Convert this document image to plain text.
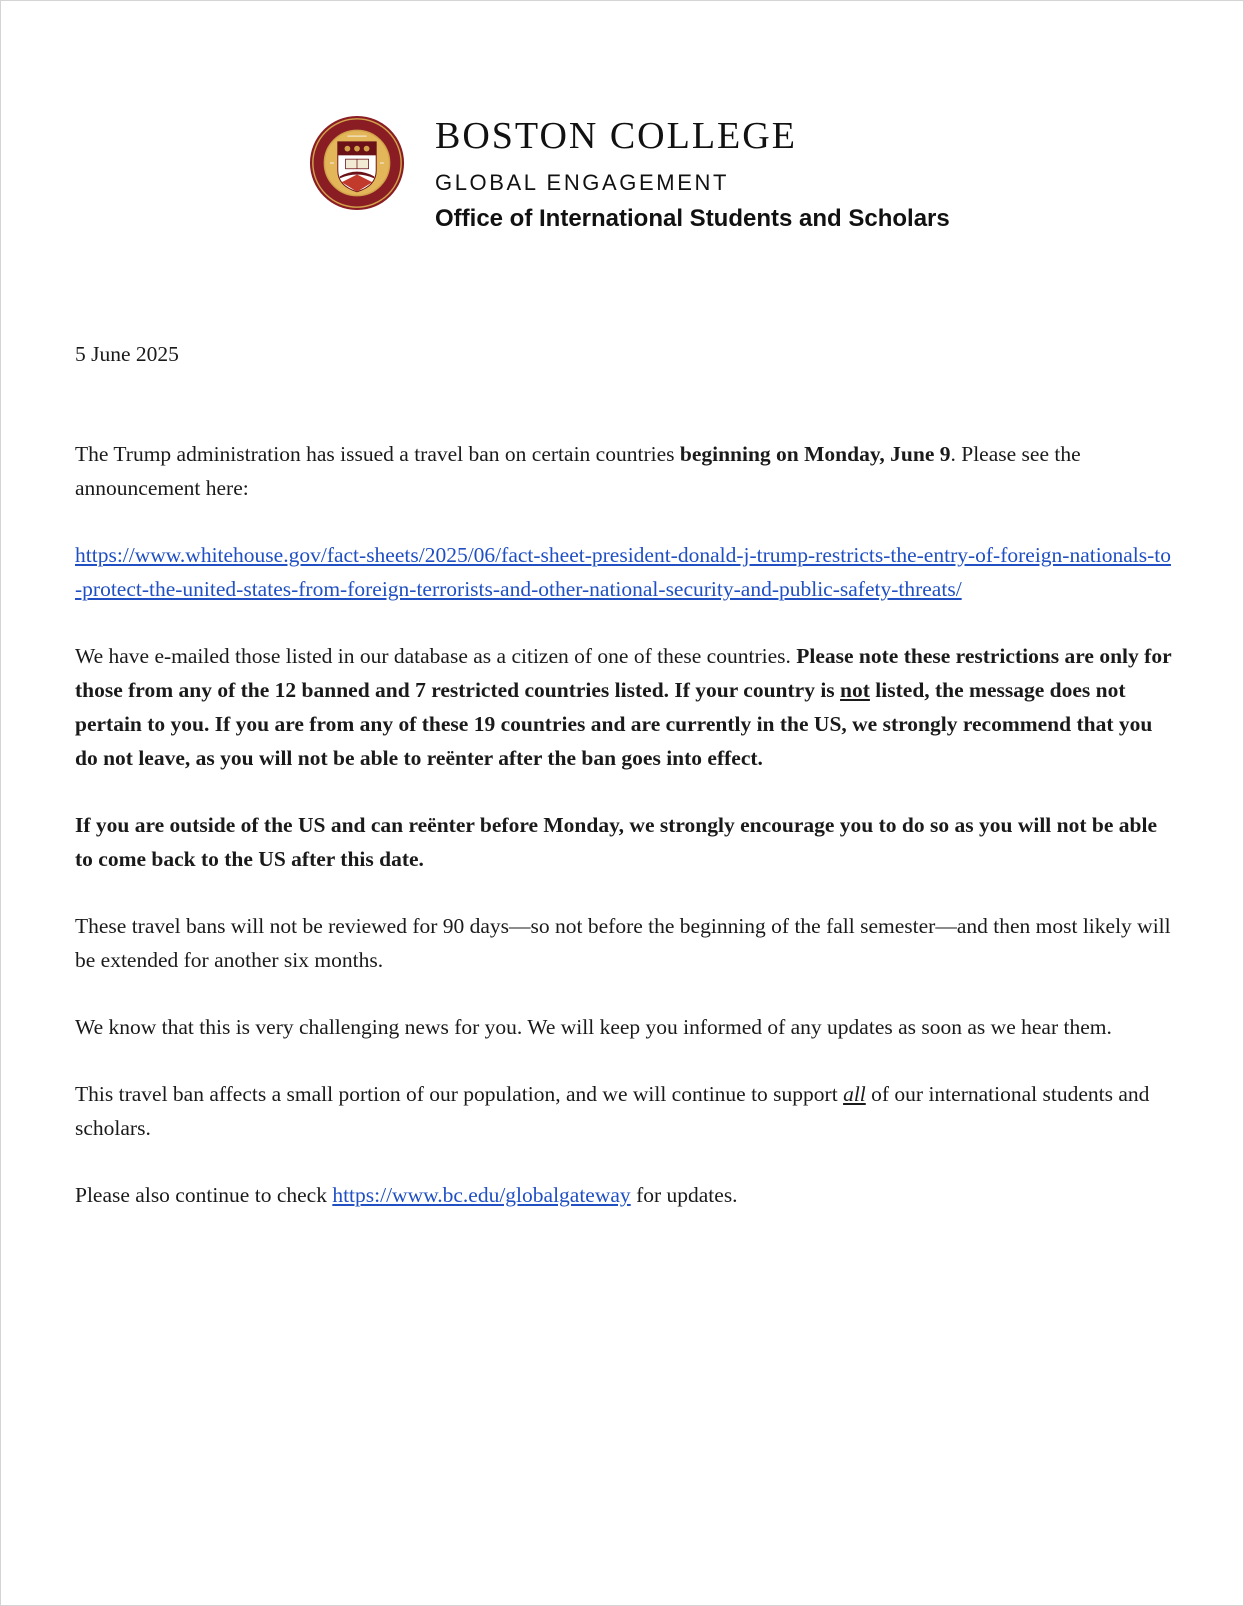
BOSTON COLLEGE
GLOBAL ENGAGEMENT
Office of International Students and Scholars
5 June 2025

The Trump administration has issued a travel ban on certain countries beginning on Monday, June 9. Please see the announcement here:

https://www.whitehouse.gov/fact-sheets/2025/06/fact-sheet-president-donald-j-trump-restricts-the-entry-of-foreign-nationals-to-protect-the-united-states-from-foreign-terrorists-and-other-national-security-and-public-safety-threats/

We have e-mailed those listed in our database as a citizen of one of these countries. Please note these restrictions are only for those from any of the 12 banned and 7 restricted countries listed. If your country is not listed, the message does not pertain to you. If you are from any of these 19 countries and are currently in the US, we strongly recommend that you do not leave, as you will not be able to reënter after the ban goes into effect.

If you are outside of the US and can reënter before Monday, we strongly encourage you to do so as you will not be able to come back to the US after this date.

These travel bans will not be reviewed for 90 days—so not before the beginning of the fall semester—and then most likely will be extended for another six months.

We know that this is very challenging news for you. We will keep you informed of any updates as soon as we hear them.

This travel ban affects a small portion of our population, and we will continue to support all of our international students and scholars.

Please also continue to check https://www.bc.edu/globalgateway for updates.
